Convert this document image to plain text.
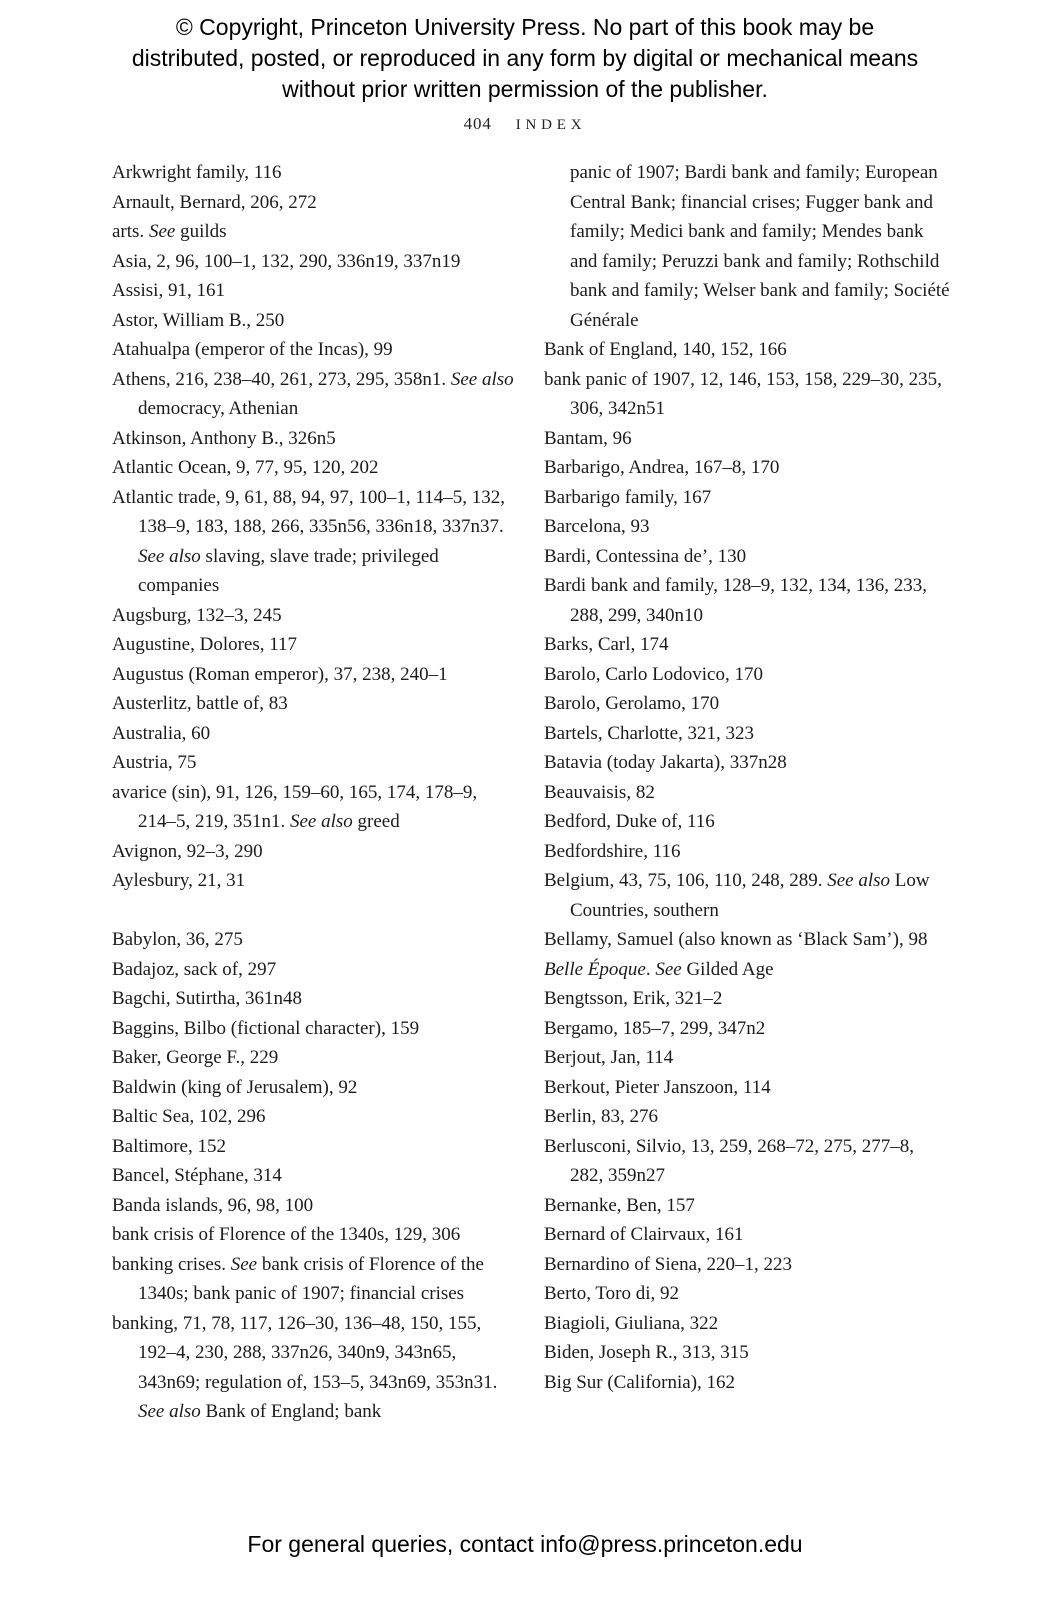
© Copyright, Princeton University Press. No part of this book may be distributed, posted, or reproduced in any form by digital or mechanical means without prior written permission of the publisher.
404 INDEX

Arkwright family, 116

Arnault, Bernard, 206, 272

arts. See guilds

Asia, 2, 96, 100–1, 132, 290, 336n19, 337n19

Assisi, 91, 161

Astor, William B., 250

Atahualpa (emperor of the Incas), 99

Athens, 216, 238–40, 261, 273, 295, 358n1. See also democracy, Athenian

Atkinson, Anthony B., 326n5

Atlantic Ocean, 9, 77, 95, 120, 202

Atlantic trade, 9, 61, 88, 94, 97, 100–1, 114–5, 132, 138–9, 183, 188, 266, 335n56, 336n18, 337n37. See also slaving, slave trade; privileged companies

Augsburg, 132–3, 245

Augustine, Dolores, 117

Augustus (Roman emperor), 37, 238, 240–1

Austerlitz, battle of, 83

Australia, 60

Austria, 75

avarice (sin), 91, 126, 159–60, 165, 174, 178–9, 214–5, 219, 351n1. See also greed

Avignon, 92–3, 290

Aylesbury, 21, 31

Babylon, 36, 275

Badajoz, sack of, 297

Bagchi, Sutirtha, 361n48

Baggins, Bilbo (fictional character), 159

Baker, George F., 229

Baldwin (king of Jerusalem), 92

Baltic Sea, 102, 296

Baltimore, 152

Bancel, Stéphane, 314

Banda islands, 96, 98, 100

bank crisis of Florence of the 1340s, 129, 306

banking crises. See bank crisis of Florence of the 1340s; bank panic of 1907; financial crises

banking, 71, 78, 117, 126–30, 136–48, 150, 155, 192–4, 230, 288, 337n26, 340n9, 343n65, 343n69; regulation of, 153–5, 343n69, 353n31. See also Bank of England; bank

panic of 1907; Bardi bank and family; European Central Bank; financial crises; Fugger bank and family; Medici bank and family; Mendes bank and family; Peruzzi bank and family; Rothschild bank and family; Welser bank and family; Société Générale

Bank of England, 140, 152, 166

bank panic of 1907, 12, 146, 153, 158, 229–30, 235, 306, 342n51

Bantam, 96

Barbarigo, Andrea, 167–8, 170

Barbarigo family, 167

Barcelona, 93

Bardi, Contessina de’, 130

Bardi bank and family, 128–9, 132, 134, 136, 233, 288, 299, 340n10

Barks, Carl, 174

Barolo, Carlo Lodovico, 170

Barolo, Gerolamo, 170

Bartels, Charlotte, 321, 323

Batavia (today Jakarta), 337n28

Beauvaisis, 82

Bedford, Duke of, 116

Bedfordshire, 116

Belgium, 43, 75, 106, 110, 248, 289. See also Low Countries, southern

Bellamy, Samuel (also known as ‘Black Sam’), 98

Belle Époque. See Gilded Age

Bengtsson, Erik, 321–2

Bergamo, 185–7, 299, 347n2

Berjout, Jan, 114

Berkout, Pieter Janszoon, 114

Berlin, 83, 276

Berlusconi, Silvio, 13, 259, 268–72, 275, 277–8, 282, 359n27

Bernanke, Ben, 157

Bernard of Clairvaux, 161

Bernardino of Siena, 220–1, 223

Berto, Toro di, 92

Biagioli, Giuliana, 322

Biden, Joseph R., 313, 315

Big Sur (California), 162

For general queries, contact info@press.princeton.edu
